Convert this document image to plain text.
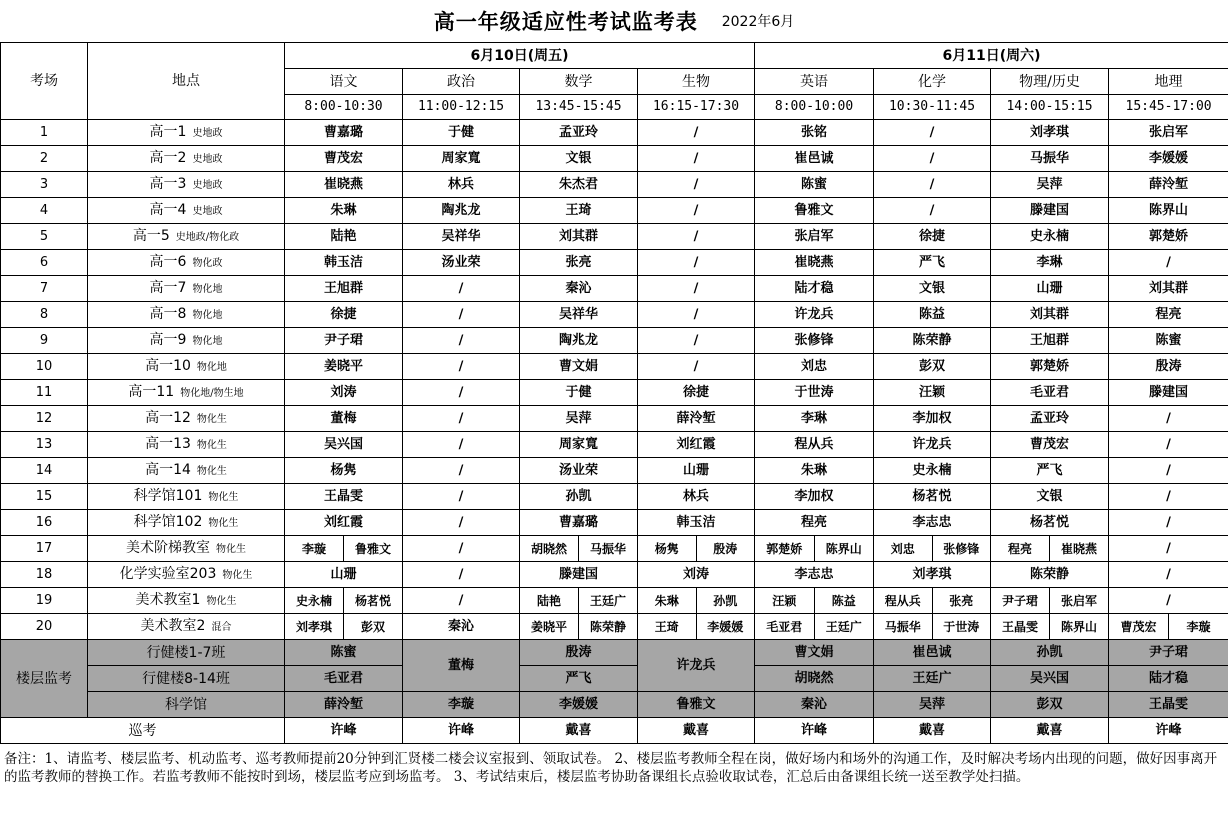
高一年级适应性考试监考表 2022年6月
考场	地点	6月10日(周五)				6月11日(周六)			
		语文	政治	数学	生物	英语	化学	物理/历史	地理
		8:00-10:30	11:00-12:15	13:45-15:45	16:15-17:30	8:00-10:00	10:30-11:45	14:00-15:15	15:45-17:00
1	高一1 史地政	曹嘉璐	于健	孟亚玲	/	张铭	/	刘孝琪	张启军
2	高一2 史地政	曹茂宏	周家寬	文银	/	崔邑诚	/	马振华	李媛媛
3	高一3 史地政	崔晓燕	林兵	朱杰君	/	陈蜜	/	吴萍	薛泠堑
4	高一4 史地政	朱琳	陶兆龙	王琦	/	鲁雅文	/	滕建国	陈界山
5	高一5 史地政/物化政	陆艳	吴祥华	刘其群	/	张启军	徐捷	史永楠	郭楚娇
6	高一6 物化政	韩玉洁	汤业荣	张亮	/	崔晓燕	严飞	李琳	/
7	高一7 物化地	王旭群	/	秦沁	/	陆才稳	文银	山珊	刘其群
8	高一8 物化地	徐捷	/	吴祥华	/	许龙兵	陈益	刘其群	程亮
9	高一9 物化地	尹子珺	/	陶兆龙	/	张修锋	陈荣静	王旭群	陈蜜
10	高一10 物化地	姜晓平	/	曹文娟	/	刘忠	彭双	郭楚娇	殷涛
11	高一11 物化地/物生地	刘涛	/	于健	徐捷	于世涛	汪颖	毛亚君	滕建国
12	高一12 物化生	董梅	/	吴萍	薛泠堑	李琳	李加权	孟亚玲	/
13	高一13 物化生	吴兴国	/	周家寬	刘红霞	程从兵	许龙兵	曹茂宏	/
14	高一14 物化生	杨隽	/	汤业荣	山珊	朱琳	史永楠	严飞	/
15	科学馆101 物化生	王晶雯	/	孙凯	林兵	李加权	杨茗悦	文银	/
16	科学馆102 物化生	刘红霞	/	曹嘉璐	韩玉洁	程亮	李志忠	杨茗悦	/
17	美术阶梯教室 物化生	李璇 鲁雅文	/	胡晓然 马振华	杨隽 殷涛	郭楚娇 陈界山	刘忠 张修锋	程亮 崔晓燕	/
18	化学实验室203 物化生	山珊	/	滕建国	刘涛	李志忠	刘孝琪	陈荣静	/
19	美术教室1 物化生	史永楠 杨茗悦	/	陆艳 王廷广	朱琳 孙凯	汪颖 陈益	程从兵 张亮	尹子珺 张启军	/
20	美术教室2 混合	刘孝琪 彭双	秦沁	姜晓平 陈荣静	王琦 李媛媛	毛亚君 王廷广	马振华 于世涛	王晶雯 陈界山	曹茂宏 李璇

楼层监考	行健楼1-7班	陈蜜	董梅	殷涛	许龙兵	曹文娟	崔邑诚	孙凯	尹子珺
	行健楼8-14班	毛亚君		严飞		胡晓然	王廷广	吴兴国	陆才稳
	科学馆	薛泠堑	李璇	李媛媛	鲁雅文	秦沁	吴萍	彭双	王晶雯
巡考		许峰	许峰	戴喜	戴喜	许峰	戴喜	戴喜	许峰
备注：1、请监考、楼层监考、机动监考、巡考教师提前20分钟到汇贤楼二楼会议室报到、领取试卷。 2、楼层监考教师全程在岗，做好场内和场外的沟通工作，及时解决考场内出现的问题，做好因事离开的监考教师的替换工作。若监考教师不能按时到场，楼层监考应到场监考。 3、考试结束后，楼层监考协助备课组长点验收取试卷，汇总后由备课组长统一送至教学处扫描。
